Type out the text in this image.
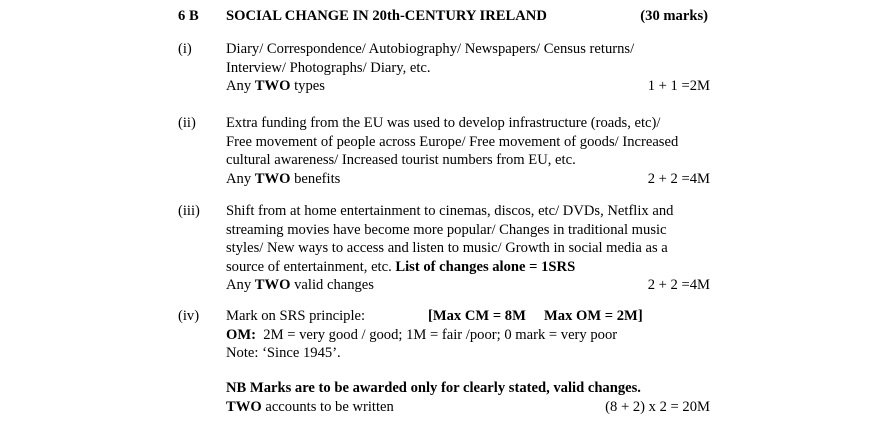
6 B SOCIAL CHANGE IN 20th-CENTURY IRELAND	(30 marks)
(i) Diary/ Correspondence/ Autobiography/ Newspapers/ Census returns/
Interview/ Photographs/ Diary, etc.
Any TWO types	1 + 1 =2M
(ii) Extra funding from the EU was used to develop infrastructure (roads, etc)/
Free movement of people across Europe/ Free movement of goods/ Increased
cultural awareness/ Increased tourist numbers from EU, etc.
Any TWO benefits	2 + 2 =4M
(iii) Shift from at home entertainment to cinemas, discos, etc/ DVDs, Netflix and
streaming movies have become more popular/ Changes in traditional music
styles/ New ways to access and listen to music/ Growth in social media as a
source of entertainment, etc. List of changes alone = 1SRS
Any TWO valid changes	2 + 2 =4M
(iv) Mark on SRS principle:	[Max CM = 8M Max OM = 2M]
OM:  2M = very good / good; 1M = fair /poor; 0 mark = very poor
Note: ‘Since 1945’.
NB Marks are to be awarded only for clearly stated, valid changes.
TWO accounts to be written	(8 + 2) x 2 = 20M
